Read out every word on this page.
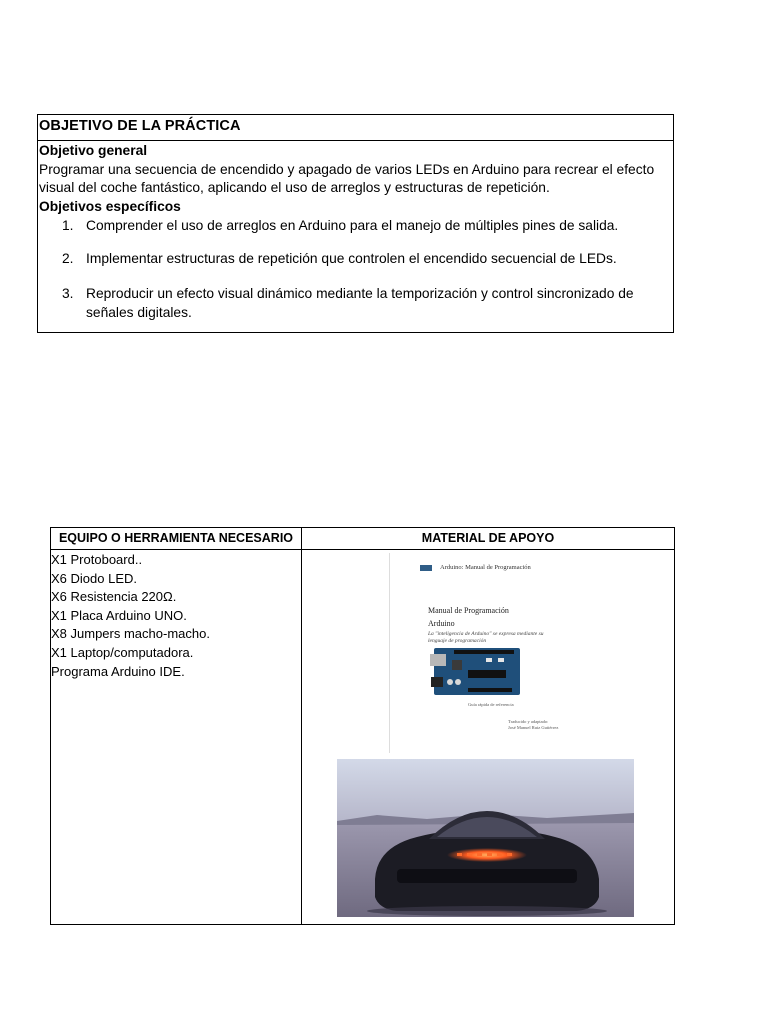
OBJETIVO DE LA PRÁCTICA
Objetivo general
Programar una secuencia de encendido y apagado de varios LEDs en Arduino para recrear el efecto visual del coche fantástico, aplicando el uso de arreglos y estructuras de repetición.
Objetivos específicos
1. Comprender el uso de arreglos en Arduino para el manejo de múltiples pines de salida.
2. Implementar estructuras de repetición que controlen el encendido secuencial de LEDs.
3. Reproducir un efecto visual dinámico mediante la temporización y control sincronizado de señales digitales.
EQUIPO O HERRAMIENTA NECESARIO	MATERIAL DE APOYO
X1 Protoboard..
X6 Diodo LED.
X6 Resistencia 220Ω.
X1 Placa Arduino UNO.
X8 Jumpers macho-macho.
X1 Laptop/computadora.
Programa Arduino IDE.
Arduino: Manual de Programación
Manual de Programación
Arduino
La "inteligencia de Arduino" se expresa mediante su lenguaje de programación
Guía rápida de referencia
Traducido y adaptado:
José Manuel Ruiz Gutiérrez
